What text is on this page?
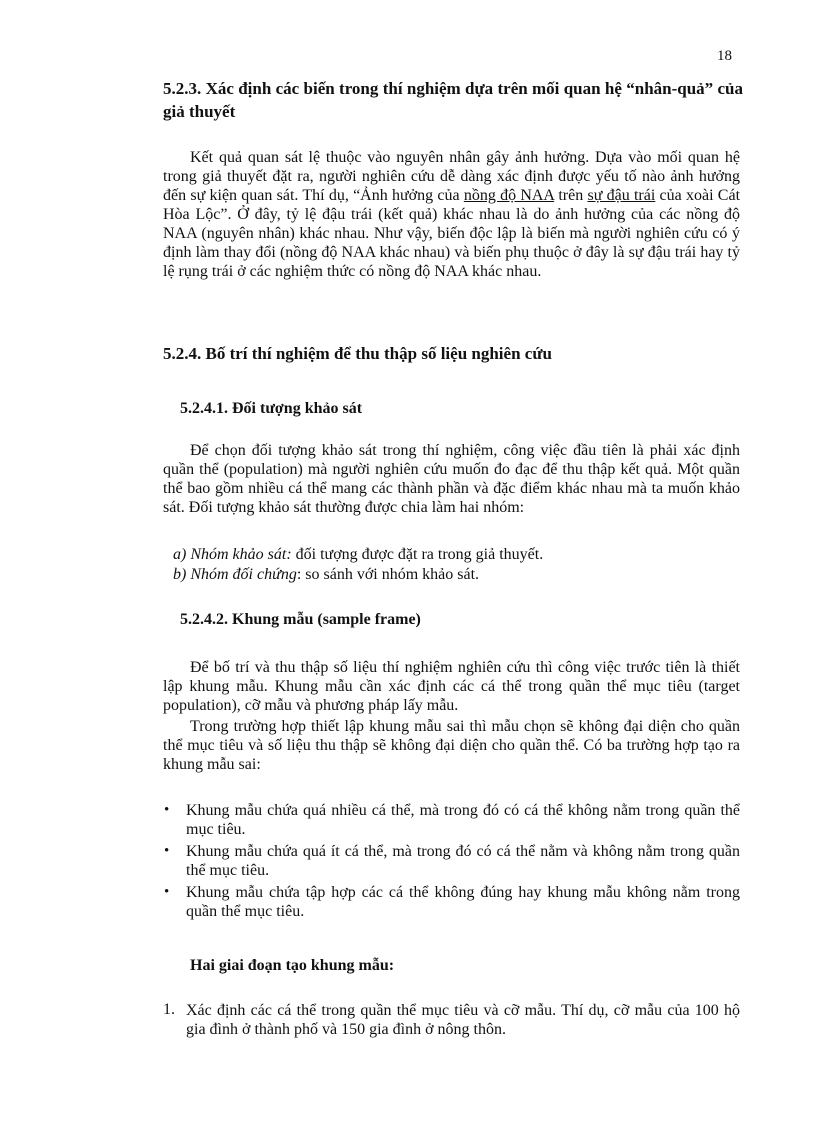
18
5.2.3. Xác định các biến trong thí nghiệm dựa trên mối quan hệ “nhân-quả” của giả thuyết

Kết quả quan sát lệ thuộc vào nguyên nhân gây ảnh hưởng. Dựa vào mối quan hệ trong giả thuyết đặt ra, người nghiên cứu dễ dàng xác định được yếu tố nào ảnh hưởng đến sự kiện quan sát. Thí dụ, “Ảnh hưởng của nồng độ NAA trên sự đậu trái của xoài Cát Hòa Lộc”. Ở đây, tỷ lệ đậu trái (kết quả) khác nhau là do ảnh hưởng của các nồng độ NAA (nguyên nhân) khác nhau. Như vậy, biến độc lập là biến mà người nghiên cứu có ý định làm thay đổi (nồng độ NAA khác nhau) và biến phụ thuộc ở đây là sự đậu trái hay tỷ lệ rụng trái ở các nghiệm thức có nồng độ NAA khác nhau.

5.2.4. Bố trí thí nghiệm để thu thập số liệu nghiên cứu
5.2.4.1. Đối tượng khảo sát

Để chọn đối tượng khảo sát trong thí nghiệm, công việc đầu tiên là phải xác định quần thể (population) mà người nghiên cứu muốn đo đạc để thu thập kết quả. Một quần thể bao gồm nhiều cá thể mang các thành phần và đặc điểm khác nhau mà ta muốn khảo sát. Đối tượng khảo sát thường được chia làm hai nhóm:

a) Nhóm khảo sát: đối tượng được đặt ra trong giả thuyết.
b) Nhóm đối chứng: so sánh với nhóm khảo sát.
5.2.4.2. Khung mẫu (sample frame)

Để bố trí và thu thập số liệu thí nghiệm nghiên cứu thì công việc trước tiên là thiết lập khung mẫu. Khung mẫu cần xác định các cá thể trong quần thể mục tiêu (target population), cỡ mẫu và phương pháp lấy mẫu.

Trong trường hợp thiết lập khung mẫu sai thì mẫu chọn sẽ không đại diện cho quần thể mục tiêu và số liệu thu thập sẽ không đại diện cho quần thể. Có ba trường hợp tạo ra khung mẫu sai:

• Khung mẫu chứa quá nhiều cá thể, mà trong đó có cá thể không nằm trong quần thể mục tiêu.
• Khung mẫu chứa quá ít cá thể, mà trong đó có cá thể nằm và không nằm trong quần thể mục tiêu.
• Khung mẫu chứa tập hợp các cá thể không đúng hay khung mẫu không nằm trong quần thể mục tiêu.
Hai giai đoạn tạo khung mẫu:
1. Xác định các cá thể trong quần thể mục tiêu và cỡ mẫu. Thí dụ, cỡ mẫu của 100 hộ gia đình ở thành phố và 150 gia đình ở nông thôn.
